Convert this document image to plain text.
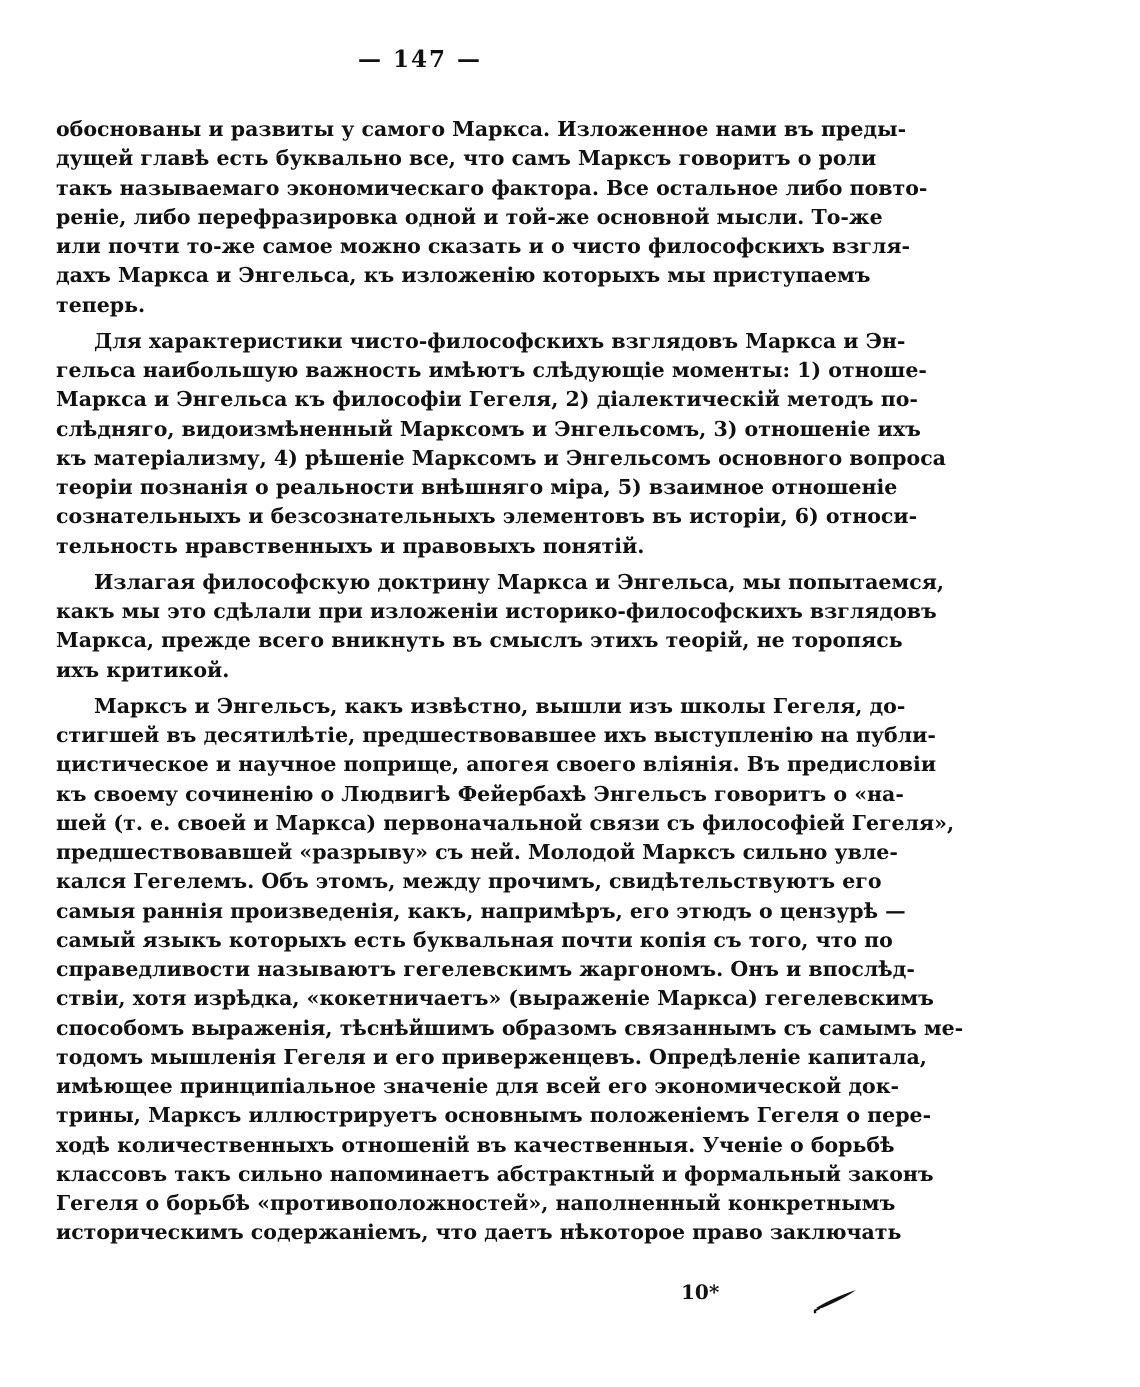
— 147 —
обоснованы и развиты у самого Маркса. Изложенное нами въ преды-
дущей главѣ есть буквально все, что самъ Марксъ говоритъ о роли
такъ называемаго экономическаго фактора. Все остальное либо повто-
реніе, либо перефразировка одной и той-же основной мысли. То-же
или почти то-же самое можно сказать и о чисто философскихъ взгля-
дахъ Маркса и Энгельса, къ изложенію которыхъ мы приступаемъ
теперь.
Для характеристики чисто-философскихъ взглядовъ Маркса и Эн-
гельса наибольшую важность имѣютъ слѣдующіе моменты: 1) отноше-
Маркса и Энгельса къ философіи Гегеля, 2) діалектическій методъ по-
слѣдняго, видоизмѣненный Марксомъ и Энгельсомъ, 3) отношеніе ихъ
къ матеріализму, 4) рѣшеніе Марксомъ и Энгельсомъ основного вопроса
теоріи познанія о реальности внѣшняго міра, 5) взаимное отношеніе
сознательныхъ и безсознательныхъ элементовъ въ исторіи, 6) относи-
тельность нравственныхъ и правовыхъ понятій.
Излагая философскую доктрину Маркса и Энгельса, мы попытаемся,
какъ мы это сдѣлали при изложеніи историко-философскихъ взглядовъ
Маркса, прежде всего вникнуть въ смыслъ этихъ теорій, не торопясь
ихъ критикой.
Марксъ и Энгельсъ, какъ извѣстно, вышли изъ школы Гегеля, до-
стигшей въ десятилѣтіе, предшествовавшее ихъ выступленію на публи-
цистическое и научное поприще, апогея своего вліянія. Въ предисловіи
къ своему сочиненію о Людвигѣ Фейербахѣ Энгельсъ говоритъ о «на-
шей (т. е. своей и Маркса) первоначальной связи съ философіей Гегеля»,
предшествовавшей «разрыву» съ ней. Молодой Марксъ сильно увле-
кался Гегелемъ. Объ этомъ, между прочимъ, свидѣтельствуютъ его
самыя раннія произведенія, какъ, напримѣръ, его этюдъ о цензурѣ —
самый языкъ которыхъ есть буквальная почти копія съ того, что по
справедливости называютъ гегелевскимъ жаргономъ. Онъ и впослѣд-
ствіи, хотя изрѣдка, «кокетничаетъ» (выраженіе Маркса) гегелевскимъ
способомъ выраженія, тѣснѣйшимъ образомъ связаннымъ съ самымъ ме-
тодомъ мышленія Гегеля и его приверженцевъ. Опредѣленіе капитала,
имѣющее принципіальное значеніе для всей его экономической док-
трины, Марксъ иллюстрируетъ основнымъ положеніемъ Гегеля о пере-
ходѣ количественныхъ отношеній въ качественныя. Ученіе о борьбѣ
классовъ такъ сильно напоминаетъ абстрактный и формальный законъ
Гегеля о борьбѣ «противоположностей», наполненный конкретнымъ
историческимъ содержаніемъ, что даетъ нѣкоторое право заключать
10*
